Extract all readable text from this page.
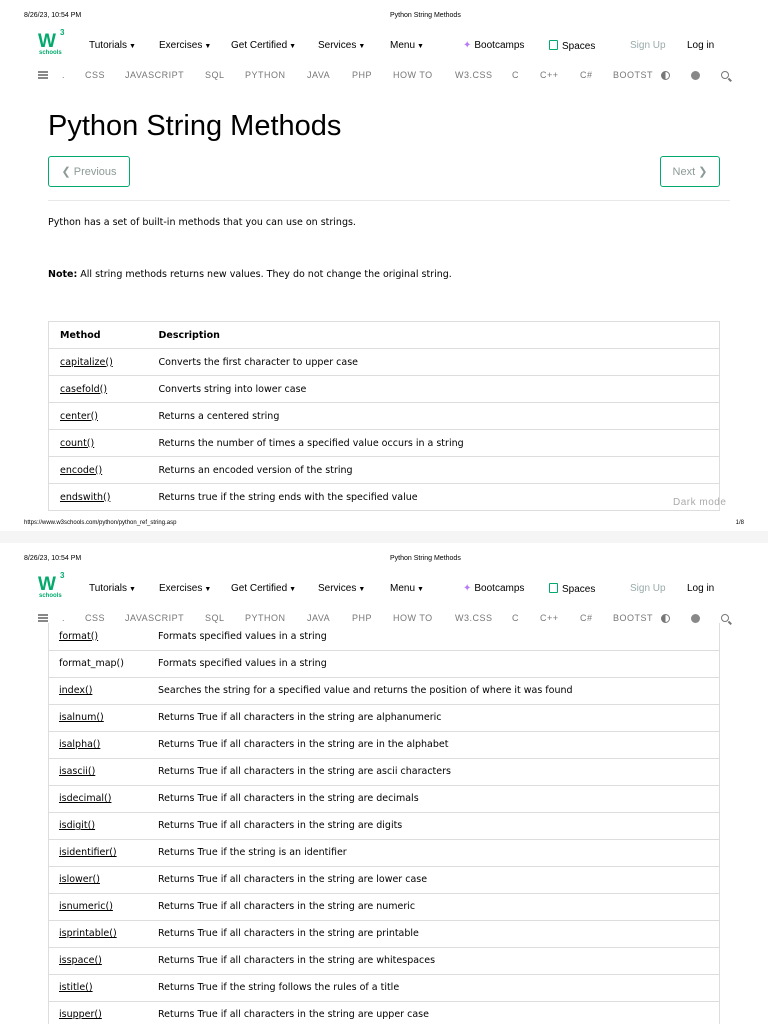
8/26/23, 10:54 PM	Python String Methods
W 3
schools
Tutorials ▼ Exercises ▼ Get Certified ▼ Services ▼ Menu ▼	✦ Bootcamps	Spaces	Sign Up Log in
. CSS JAVASCRIPT SQL PYTHON JAVA PHP HOW TO W3.CSS C C++ C# BOOTST
Python String Methods
❮ Previous	Next ❯

Python has a set of built-in methods that you can use on strings.

Note: All string methods returns new values. They do not change the original string.

Method	Description
capitalize()	Converts the first character to upper case
casefold()	Converts string into lower case
center()	Returns a centered string
count()	Returns the number of times a specified value occurs in a string
encode()	Returns an encoded version of the string
endswith()	Returns true if the string ends with the specified value	Dark mode
https://www.w3schools.com/python/python_ref_string.asp	1/8
8/26/23, 10:54 PM	Python String Methods
W 3
schools
Tutorials ▼ Exercises ▼ Get Certified ▼ Services ▼ Menu ▼	✦ Bootcamps	Spaces	Sign Up Log in
. CSS JAVASCRIPT SQL PYTHON JAVA PHP HOW TO W3.CSS C C++ C# BOOTST
format()	Formats specified values in a string
format_map()	Formats specified values in a string
index()	Searches the string for a specified value and returns the position of where it was found
isalnum()	Returns True if all characters in the string are alphanumeric
isalpha()	Returns True if all characters in the string are in the alphabet
isascii()	Returns True if all characters in the string are ascii characters
isdecimal()	Returns True if all characters in the string are decimals
isdigit()	Returns True if all characters in the string are digits
isidentifier()	Returns True if the string is an identifier
islower()	Returns True if all characters in the string are lower case
isnumeric()	Returns True if all characters in the string are numeric
isprintable()	Returns True if all characters in the string are printable
isspace()	Returns True if all characters in the string are whitespaces
istitle()	Returns True if the string follows the rules of a title
isupper()	Returns True if all characters in the string are upper case
